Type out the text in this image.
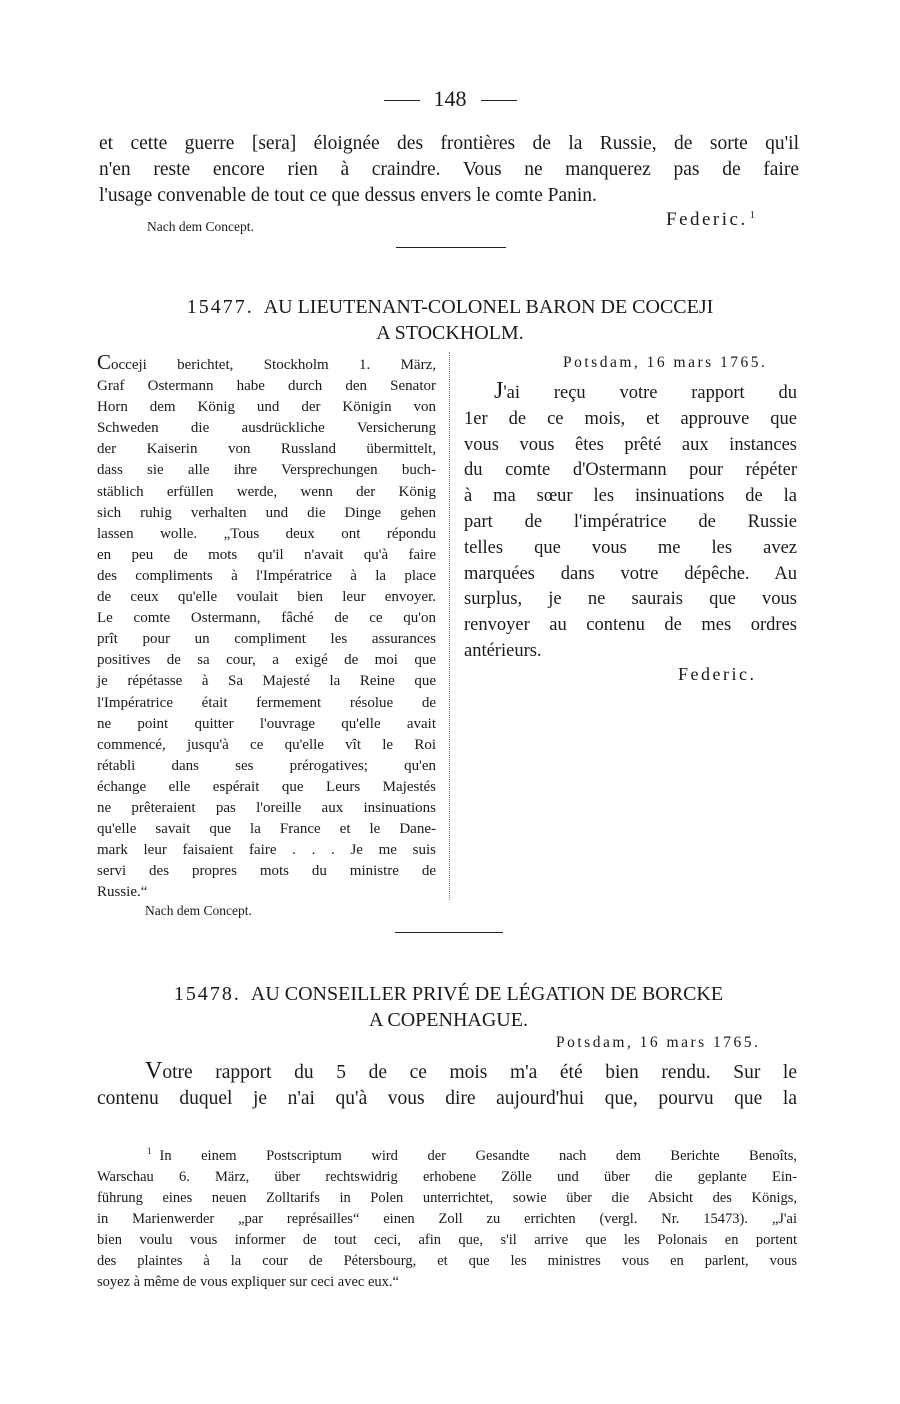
148
et cette guerre [sera] éloignée des frontières de la Russie, de sorte qu'il
n'en reste encore rien à craindre. Vous ne manquerez pas de faire
l'usage convenable de tout ce que dessus envers le comte Panin.
Nach dem Concept.	Federic. $^1$
15477. AU LIEUTENANT-COLONEL BARON DE COCCEJI
A STOCKHOLM.
Cocceji berichtet, Stockholm 1. März,
Graf Ostermann habe durch den Senator
Horn dem König und der Königin von
Schweden die ausdrückliche Versicherung
der Kaiserin von Russland übermittelt,
dass sie alle ihre Versprechungen buch-
stäblich erfüllen werde, wenn der König
sich ruhig verhalten und die Dinge gehen
lassen wolle. „Tous deux ont répondu
en peu de mots qu'il n'avait qu'à faire
des compliments à l'Impératrice à la place
de ceux qu'elle voulait bien leur envoyer.
Le comte Ostermann, fâché de ce qu'on
prît pour un compliment les assurances
positives de sa cour, a exigé de moi que
je répétasse à Sa Majesté la Reine que
l'Impératrice était fermement résolue de
ne point quitter l'ouvrage qu'elle avait
commencé, jusqu'à ce qu'elle vît le Roi
rétabli dans ses prérogatives; qu'en
échange elle espérait que Leurs Majestés
ne prêteraient pas l'oreille aux insinuations
qu'elle savait que la France et le Dane-
mark leur faisaient faire . . . Je me suis
servi des propres mots du ministre de
Russie.“
Nach dem Concept.
Potsdam, 16 mars 1765.
J'ai reçu votre rapport du
1er de ce mois, et approuve que
vous vous êtes prêté aux instances
du comte d'Ostermann pour répéter
à ma sœur les insinuations de la
part de l'impératrice de Russie
telles que vous me les avez
marquées dans votre dépêche. Au
surplus, je ne saurais que vous
renvoyer au contenu de mes ordres
antérieurs.
Federic.
15478. AU CONSEILLER PRIVÉ DE LÉGATION DE BORCKE
A COPENHAGUE.
Potsdam, 16 mars 1765.
Votre rapport du 5 de ce mois m'a été bien rendu. Sur le
contenu duquel je n'ai qu'à vous dire aujourd'hui que, pourvu que la
$^1$ In einem Postscriptum wird der Gesandte nach dem Berichte Benoîts,
Warschau 6. März, über rechtswidrig erhobene Zölle und über die geplante Ein-
führung eines neuen Zolltarifs in Polen unterrichtet, sowie über die Absicht des Königs,
in Marienwerder „par représailles“ einen Zoll zu errichten (vergl. Nr. 15473). „J'ai
bien voulu vous informer de tout ceci, afin que, s'il arrive que les Polonais en portent
des plaintes à la cour de Pétersbourg, et que les ministres vous en parlent, vous
soyez à même de vous expliquer sur ceci avec eux.“
